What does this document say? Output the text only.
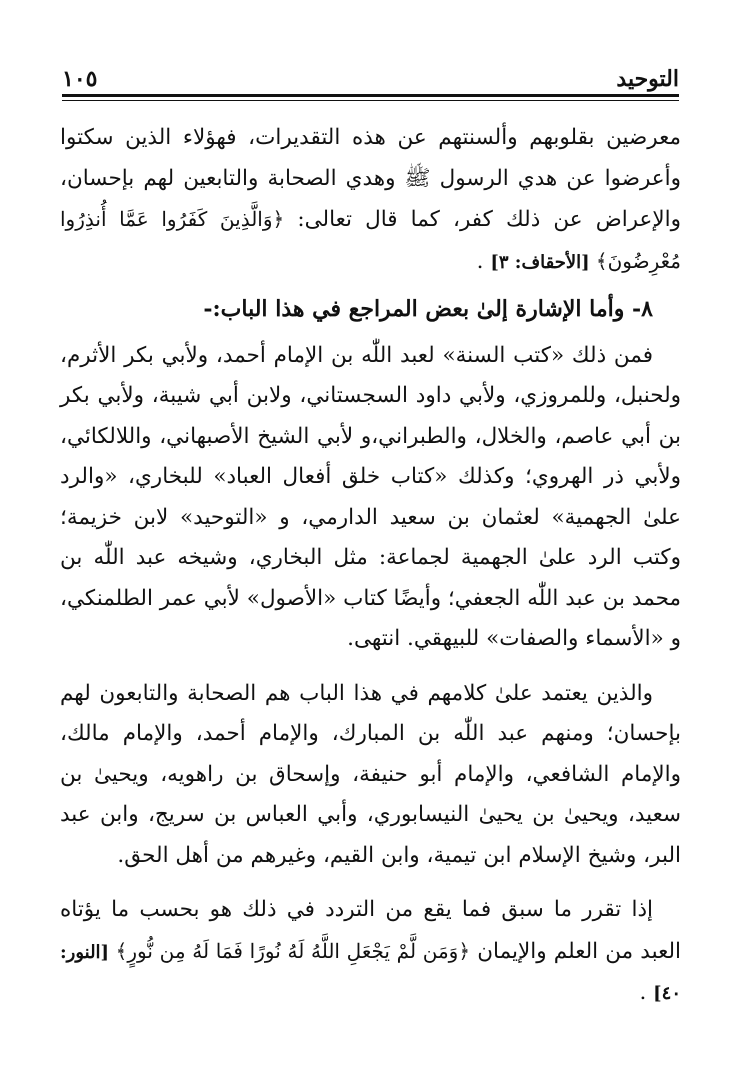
التوحيد
١٠٥

معرضين بقلوبهم وألسنتهم عن هذه التقديرات، فهؤلاء الذين سكتوا وأعرضوا عن هدي الرسول ﷺ وهدي الصحابة والتابعين لهم بإحسان، والإعراض عن ذلك كفر، كما قال تعالى: ﴿وَالَّذِينَ كَفَرُوا عَمَّا أُنذِرُوا مُعْرِضُونَ﴾ [الأحقاف: ٣] .

٨- وأما الإشارة إلىٰ بعض المراجع في هذا الباب:-

فمن ذلك «كتب السنة» لعبد اللّٰه بن الإمام أحمد، ولأبي بكر الأثرم، ولحنبل، وللمروزي، ولأبي داود السجستاني، ولابن أبي شيبة، ولأبي بكر بن أبي عاصم، والخلال، والطبراني،و لأبي الشيخ الأصبهاني، واللالكائي، ولأبي ذر الهروي؛ وكذلك «كتاب خلق أفعال العباد» للبخاري، «والرد علىٰ الجهمية» لعثمان بن سعيد الدارمي، و «التوحيد» لابن خزيمة؛ وكتب الرد علىٰ الجهمية لجماعة: مثل البخاري، وشيخه عبد اللّٰه بن محمد بن عبد اللّٰه الجعفي؛ وأيضًا كتاب «الأصول» لأبي عمر الطلمنكي، و «الأسماء والصفات» للبيهقي. انتهى.

والذين يعتمد علىٰ كلامهم في هذا الباب هم الصحابة والتابعون لهم بإحسان؛ ومنهم عبد اللّٰه بن المبارك، والإمام أحمد، والإمام مالك، والإمام الشافعي، والإمام أبو حنيفة، وإسحاق بن راهويه، ويحيىٰ بن سعيد، ويحيىٰ بن يحيىٰ النيسابوري، وأبي العباس بن سريج، وابن عبد البر، وشيخ الإسلام ابن تيمية، وابن القيم، وغيرهم من أهل الحق.

إذا تقرر ما سبق فما يقع من التردد في ذلك هو بحسب ما يؤتاه العبد من العلم والإيمان ﴿وَمَن لَّمْ يَجْعَلِ اللَّهُ لَهُ نُورًا فَمَا لَهُ مِن نُّورٍ﴾ [النور: ٤٠] .
